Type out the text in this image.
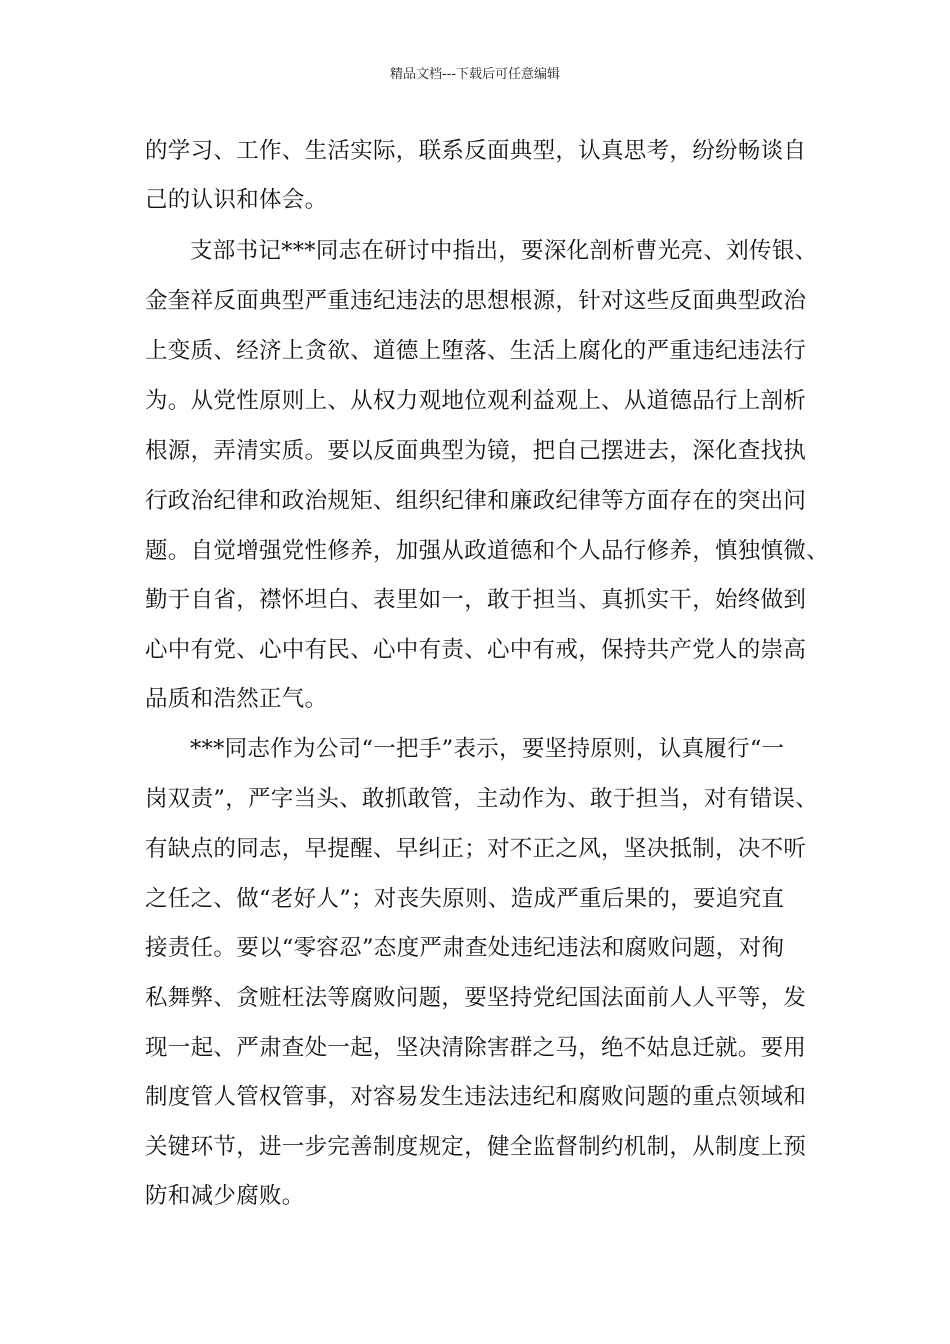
精品文档---下载后可任意编辑
的学习、工作、生活实际，联系反面典型，认真思考，纷纷畅谈自
己的认识和体会。
支部书记***同志在研讨中指出，要深化剖析曹光亮、刘传银、
金奎祥反面典型严重违纪违法的思想根源，针对这些反面典型政治
上变质、经济上贪欲、道德上堕落、生活上腐化的严重违纪违法行
为。从党性原则上、从权力观地位观利益观上、从道德品行上剖析
根源，弄清实质。要以反面典型为镜，把自己摆进去，深化查找执
行政治纪律和政治规矩、组织纪律和廉政纪律等方面存在的突出问
题。自觉增强党性修养，加强从政道德和个人品行修养，慎独慎微、
勤于自省，襟怀坦白、表里如一，敢于担当、真抓实干，始终做到
心中有党、心中有民、心中有责、心中有戒，保持共产党人的崇高
品质和浩然正气。
***同志作为公司“一把手”表示，要坚持原则，认真履行“一
岗双责”，严字当头、敢抓敢管，主动作为、敢于担当，对有错误、
有缺点的同志，早提醒、早纠正；对不正之风，坚决抵制，决不听
之任之、做“老好人”；对丧失原则、造成严重后果的，要追究直
接责任。要以“零容忍”态度严肃查处违纪违法和腐败问题，对徇
私舞弊、贪赃枉法等腐败问题，要坚持党纪国法面前人人平等，发
现一起、严肃查处一起，坚决清除害群之马，绝不姑息迁就。要用
制度管人管权管事，对容易发生违法违纪和腐败问题的重点领域和
关键环节，进一步完善制度规定，健全监督制约机制，从制度上预
防和减少腐败。
